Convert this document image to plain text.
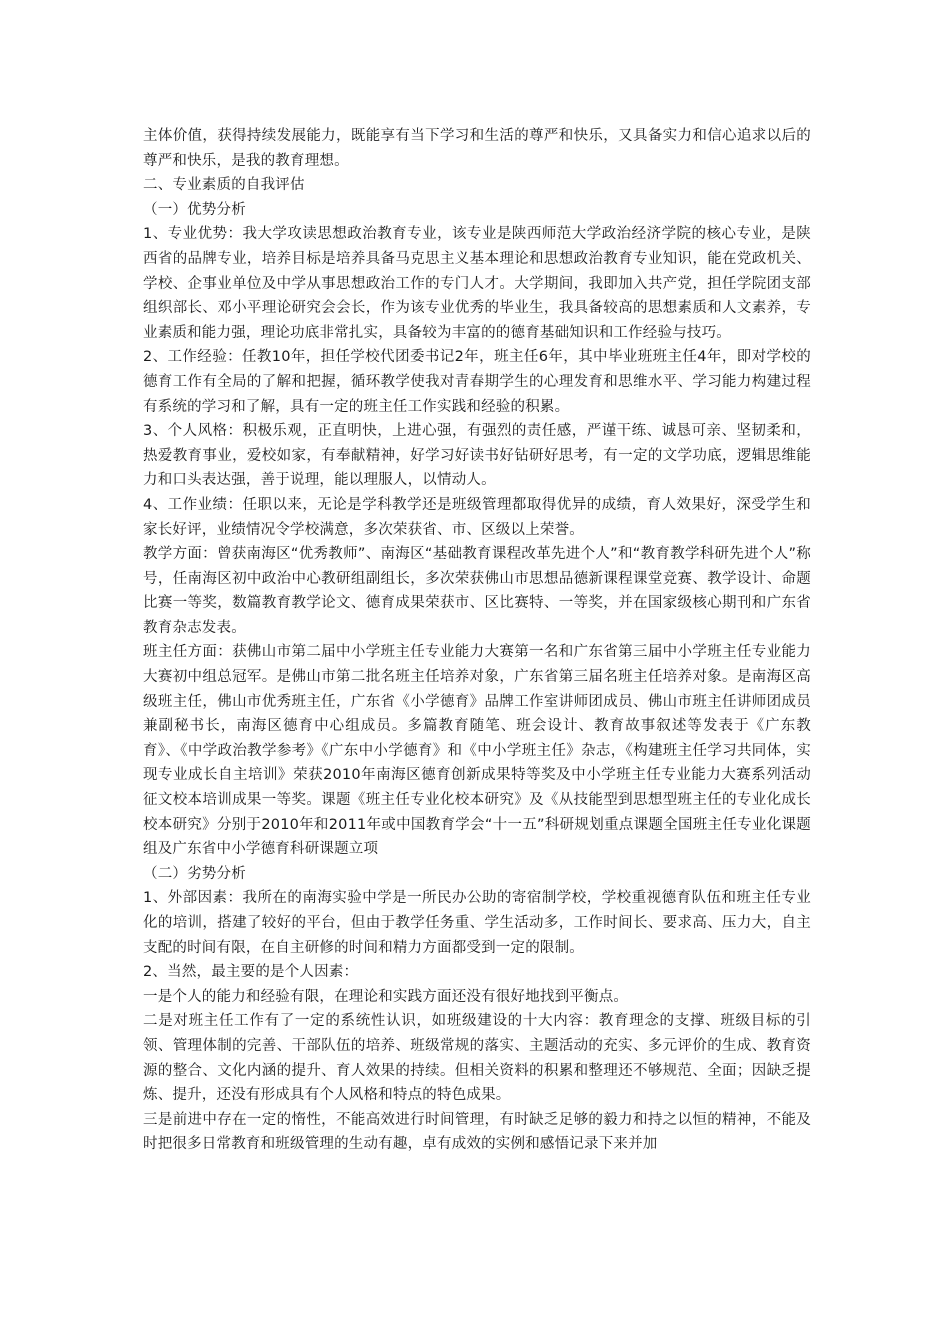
主体价值，获得持续发展能力，既能享有当下学习和生活的尊严和快乐，又具备实力和信心追求以后的尊严和快乐，是我的教育理想。

二、专业素质的自我评估

（一）优势分析

1、专业优势：我大学攻读思想政治教育专业，该专业是陕西师范大学政治经济学院的核心专业，是陕西省的品牌专业，培养目标是培养具备马克思主义基本理论和思想政治教育专业知识，能在党政机关、学校、企事业单位及中学从事思想政治工作的专门人才。大学期间，我即加入共产党，担任学院团支部组织部长、邓小平理论研究会会长，作为该专业优秀的毕业生，我具备较高的思想素质和人文素养，专业素质和能力强，理论功底非常扎实，具备较为丰富的的德育基础知识和工作经验与技巧。

2、工作经验：任教10年，担任学校代团委书记2年，班主任6年，其中毕业班班主任4年，即对学校的德育工作有全局的了解和把握，循环教学使我对青春期学生的心理发育和思维水平、学习能力构建过程有系统的学习和了解，具有一定的班主任工作实践和经验的积累。

3、个人风格：积极乐观，正直明快，上进心强，有强烈的责任感，严谨干练、诚恳可亲、坚韧柔和，热爱教育事业，爱校如家，有奉献精神，好学习好读书好钻研好思考，有一定的文学功底，逻辑思维能力和口头表达强，善于说理，能以理服人，以情动人。

4、工作业绩：任职以来，无论是学科教学还是班级管理都取得优异的成绩，育人效果好，深受学生和家长好评，业绩情况令学校满意，多次荣获省、市、区级以上荣誉。

教学方面：曾获南海区“优秀教师”、南海区“基础教育课程改革先进个人”和“教育教学科研先进个人”称号，任南海区初中政治中心教研组副组长，多次荣获佛山市思想品德新课程课堂竞赛、教学设计、命题比赛一等奖，数篇教育教学论文、德育成果荣获市、区比赛特、一等奖，并在国家级核心期刊和广东省教育杂志发表。

班主任方面：获佛山市第二届中小学班主任专业能力大赛第一名和广东省第三届中小学班主任专业能力大赛初中组总冠军。是佛山市第二批名班主任培养对象，广东省第三届名班主任培养对象。是南海区高级班主任，佛山市优秀班主任，广东省《小学德育》品牌工作室讲师团成员、佛山市班主任讲师团成员兼副秘书长，南海区德育中心组成员。多篇教育随笔、班会设计、教育故事叙述等发表于《广东教育》、《中学政治教学参考》《广东中小学德育》和《中小学班主任》杂志，《构建班主任学习共同体，实现专业成长自主培训》荣获2010年南海区德育创新成果特等奖及中小学班主任专业能力大赛系列活动征文校本培训成果一等奖。课题《班主任专业化校本研究》及《从技能型到思想型班主任的专业化成长校本研究》分别于2010年和2011年或中国教育学会“十一五”科研规划重点课题全国班主任专业化课题组及广东省中小学德育科研课题立项

（二）劣势分析

1、外部因素：我所在的南海实验中学是一所民办公助的寄宿制学校，学校重视德育队伍和班主任专业化的培训，搭建了较好的平台，但由于教学任务重、学生活动多，工作时间长、要求高、压力大，自主支配的时间有限，在自主研修的时间和精力方面都受到一定的限制。

2、当然，最主要的是个人因素：

一是个人的能力和经验有限，在理论和实践方面还没有很好地找到平衡点。

二是对班主任工作有了一定的系统性认识，如班级建设的十大内容：教育理念的支撑、班级目标的引领、管理体制的完善、干部队伍的培养、班级常规的落实、主题活动的充实、多元评价的生成、教育资源的整合、文化内涵的提升、育人效果的持续。但相关资料的积累和整理还不够规范、全面；因缺乏提炼、提升，还没有形成具有个人风格和特点的特色成果。

三是前进中存在一定的惰性，不能高效进行时间管理，有时缺乏足够的毅力和持之以恒的精神，不能及时把很多日常教育和班级管理的生动有趣，卓有成效的实例和感悟记录下来并加
